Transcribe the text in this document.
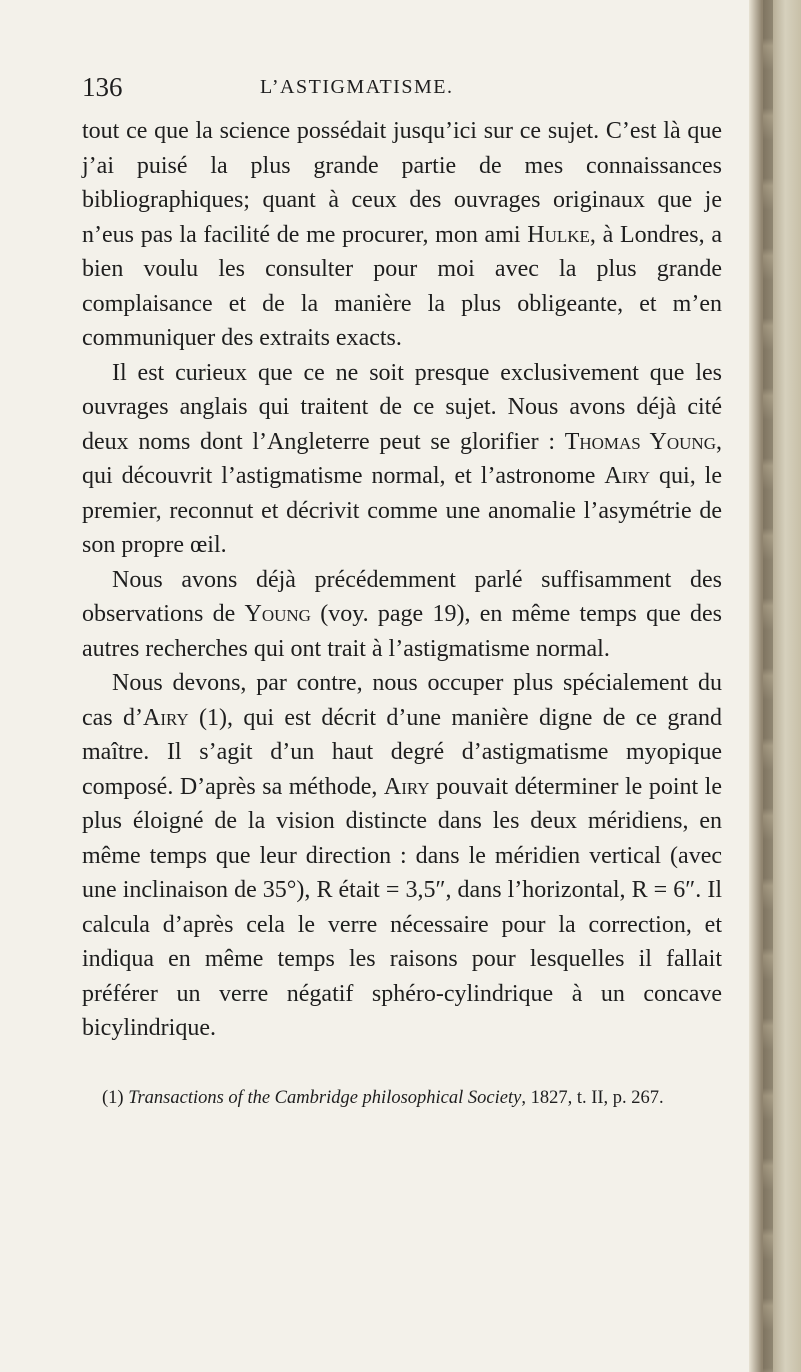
136	L’ASTIGMATISME.

tout ce que la science possédait jusqu’ici sur ce sujet. C’est là que j’ai puisé la plus grande partie de mes connaissances bibliographiques; quant à ceux des ouvrages originaux que je n’eus pas la facilité de me procurer, mon ami Hulke, à Londres, a bien voulu les consulter pour moi avec la plus grande complaisance et de la manière la plus obligeante, et m’en communiquer des extraits exacts.

Il est curieux que ce ne soit presque exclusivement que les ouvrages anglais qui traitent de ce sujet. Nous avons déjà cité deux noms dont l’Angleterre peut se glorifier : Thomas Young, qui découvrit l’astigmatisme normal, et l’astronome Airy qui, le premier, reconnut et décrivit comme une anomalie l’asymétrie de son propre œil.

Nous avons déjà précédemment parlé suffisamment des observations de Young (voy. page 19), en même temps que des autres recherches qui ont trait à l’astigmatisme normal.

Nous devons, par contre, nous occuper plus spécialement du cas d’Airy (1), qui est décrit d’une manière digne de ce grand maître. Il s’agit d’un haut degré d’astigmatisme myopique composé. D’après sa méthode, Airy pouvait déterminer le point le plus éloigné de la vision distincte dans les deux méridiens, en même temps que leur direction : dans le méridien vertical (avec une inclinaison de 35°), R était = 3,5″, dans l’horizontal, R = 6″. Il calcula d’après cela le verre nécessaire pour la correction, et indiqua en même temps les raisons pour lesquelles il fallait préférer un verre négatif sphéro-cylindrique à un concave bicylindrique.

(1) Transactions of the Cambridge philosophical Society, 1827, t. II, p. 267.
